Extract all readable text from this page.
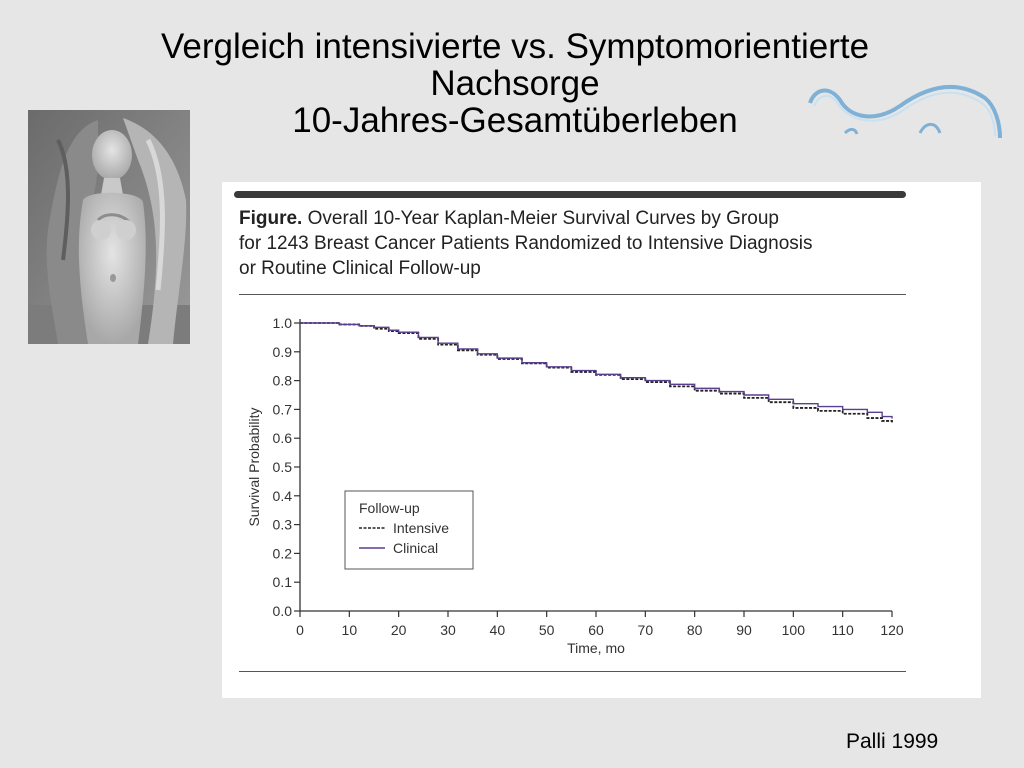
Vergleich intensivierte vs. Symptomorientierte
Nachsorge
10-Jahres-Gesamtüberleben
Figure. Overall 10-Year Kaplan-Meier Survival Curves by Group
for 1243 Breast Cancer Patients Randomized to Intensive Diagnosis
or Routine Clinical Follow-up
0.0
0.1
0.2
0.3
0.4
0.5
0.6
0.7
0.8
0.9
1.0
0	10 20 30 40 50 60 70 80 90 100 110 120
Time, mo
Survival Probability	Follow-up
Intensive
Clinical
Palli 1999
